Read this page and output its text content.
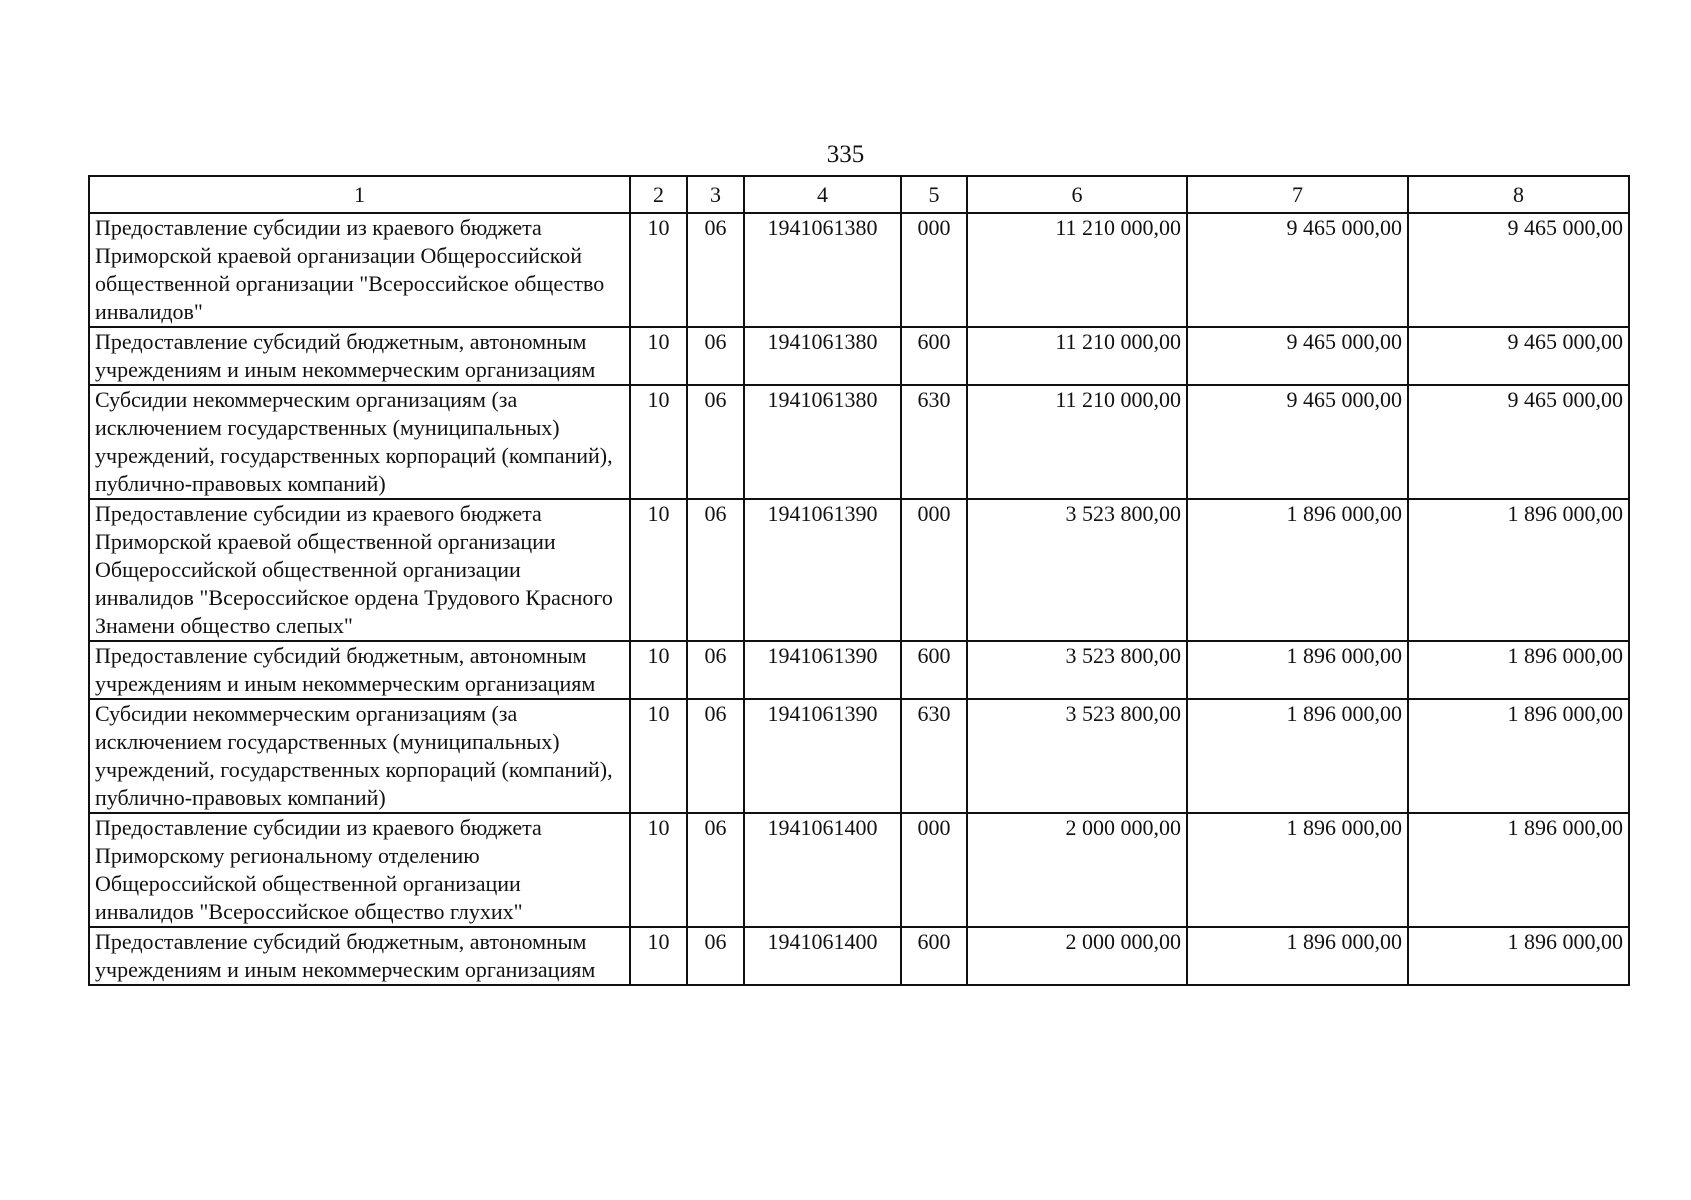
335
1	2	3	4	5	6	7	8
Предоставление субсидии из краевого бюджета Приморской краевой организации Общероссийской общественной организации "Всероссийское общество инвалидов"	10	06	1941061380	000	11 210 000,00	9 465 000,00	9 465 000,00
Предоставление субсидий бюджетным, автономным учреждениям и иным некоммерческим организациям	10	06	1941061380	600	11 210 000,00	9 465 000,00	9 465 000,00
Субсидии некоммерческим организациям (за исключением государственных (муниципальных) учреждений, государственных корпораций (компаний), публично-правовых компаний)	10	06	1941061380	630	11 210 000,00	9 465 000,00	9 465 000,00
Предоставление субсидии из краевого бюджета Приморской краевой общественной организации Общероссийской общественной организации инвалидов "Всероссийское ордена Трудового Красного Знамени общество слепых"	10	06	1941061390	000	3 523 800,00	1 896 000,00	1 896 000,00
Предоставление субсидий бюджетным, автономным учреждениям и иным некоммерческим организациям	10	06	1941061390	600	3 523 800,00	1 896 000,00	1 896 000,00
Субсидии некоммерческим организациям (за исключением государственных (муниципальных) учреждений, государственных корпораций (компаний), публично-правовых компаний)	10	06	1941061390	630	3 523 800,00	1 896 000,00	1 896 000,00
Предоставление субсидии из краевого бюджета Приморскому региональному отделению Общероссийской общественной организации инвалидов "Всероссийское общество глухих"	10	06	1941061400	000	2 000 000,00	1 896 000,00	1 896 000,00
Предоставление субсидий бюджетным, автономным учреждениям и иным некоммерческим организациям	10	06	1941061400	600	2 000 000,00	1 896 000,00	1 896 000,00
